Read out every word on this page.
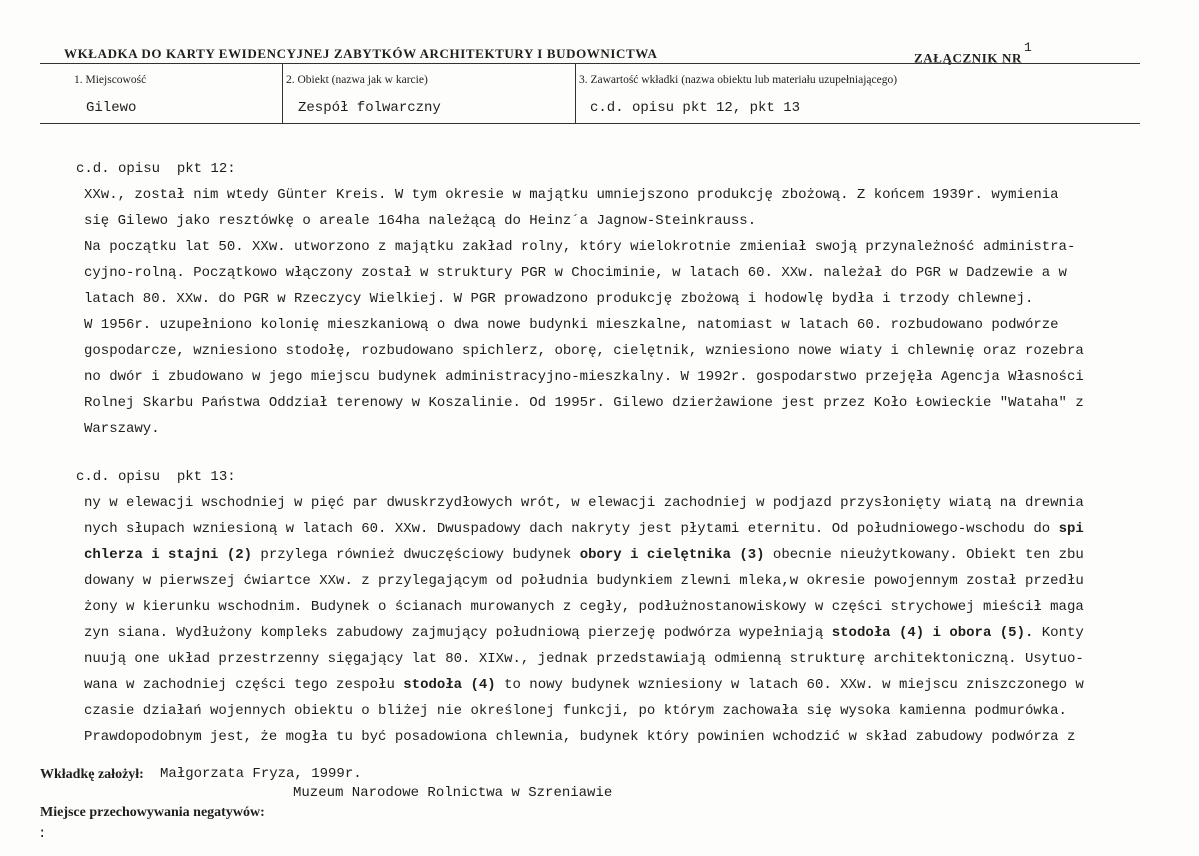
WKŁADKA DO KARTY EWIDENCYJNEJ ZABYTKÓW ARCHITEKTURY I BUDOWNICTWA	ZAŁĄCZNIK $NR^1$
1. Miejscowość
Gilewo
2. Obiekt (nazwa jak w karcie)
Zespół folwarczny
3. Zawartość wkładki (nazwa obiektu lub materiału uzupełniającego)
c.d. opisu pkt 12, pkt 13
c.d. opisu  pkt 12:
XXw., został nim wtedy Günter Kreis. W tym okresie w majątku umniejszono produkcję zbożową. Z końcem 1939r. wymienia
się Gilewo jako resztówkę o areale 164ha należącą do Heinz´a Jagnow-Steinkrauss.
Na początku lat 50. XXw. utworzono z majątku zakład rolny, który wielokrotnie zmieniał swoją przynależność administra-
cyjno-rolną. Początkowo włączony został w struktury PGR w Chociminie, w latach 60. XXw. należał do PGR w Dadzewie a w
latach 80. XXw. do PGR w Rzeczycy Wielkiej. W PGR prowadzono produkcję zbożową i hodowlę bydła i trzody chlewnej.
W 1956r. uzupełniono kolonię mieszkaniową o dwa nowe budynki mieszkalne, natomiast w latach 60. rozbudowano podwórze
gospodarcze, wzniesiono stodołę, rozbudowano spichlerz, oborę, cielętnik, wzniesiono nowe wiaty i chlewnię oraz rozebra
no dwór i zbudowano w jego miejscu budynek administracyjno-mieszkalny. W 1992r. gospodarstwo przejęła Agencja Własności
Rolnej Skarbu Państwa Oddział terenowy w Koszalinie. Od 1995r. Gilewo dzierżawione jest przez Koło Łowieckie "Wataha" z
Warszawy.
c.d. opisu  pkt 13:
ny w elewacji wschodniej w pięć par dwuskrzydłowych wrót, w elewacji zachodniej w podjazd przysłonięty wiatą na drewnia
nych słupach wzniesioną w latach 60. XXw. Dwuspadowy dach nakryty jest płytami eternitu. Od południowego-wschodu do spi
chlerza i stajni (2) przylega również dwuczęściowy budynek obory i cielętnika (3) obecnie nieużytkowany. Obiekt ten zbu
dowany w pierwszej ćwiartce XXw. z przylegającym od południa budynkiem zlewni mleka,w okresie powojennym został przedłu
żony w kierunku wschodnim. Budynek o ścianach murowanych z cegły, podłużnostanowiskowy w części strychowej mieścił maga
zyn siana. Wydłużony kompleks zabudowy zajmujący południową pierzeję podwórza wypełniają stodoła (4) i obora (5). Konty
nuują one układ przestrzenny sięgający lat 80. XIXw., jednak przedstawiają odmienną strukturę architektoniczną. Usytuo-
wana w zachodniej części tego zespołu stodoła (4) to nowy budynek wzniesiony w latach 60. XXw. w miejscu zniszczonego w
czasie działań wojennych obiektu o bliżej nie określonej funkcji, po którym zachowała się wysoka kamienna podmurówka.
Prawdopodobnym jest, że mogła tu być posadowiona chlewnia, budynek który powinien wchodzić w skład zabudowy podwórza z
Wkładkę założył: Małgorzata Fryza, 1999r.
Muzeum Narodowe Rolnictwa w Szreniawie
Miejsce przechowywania negatywów:
:
